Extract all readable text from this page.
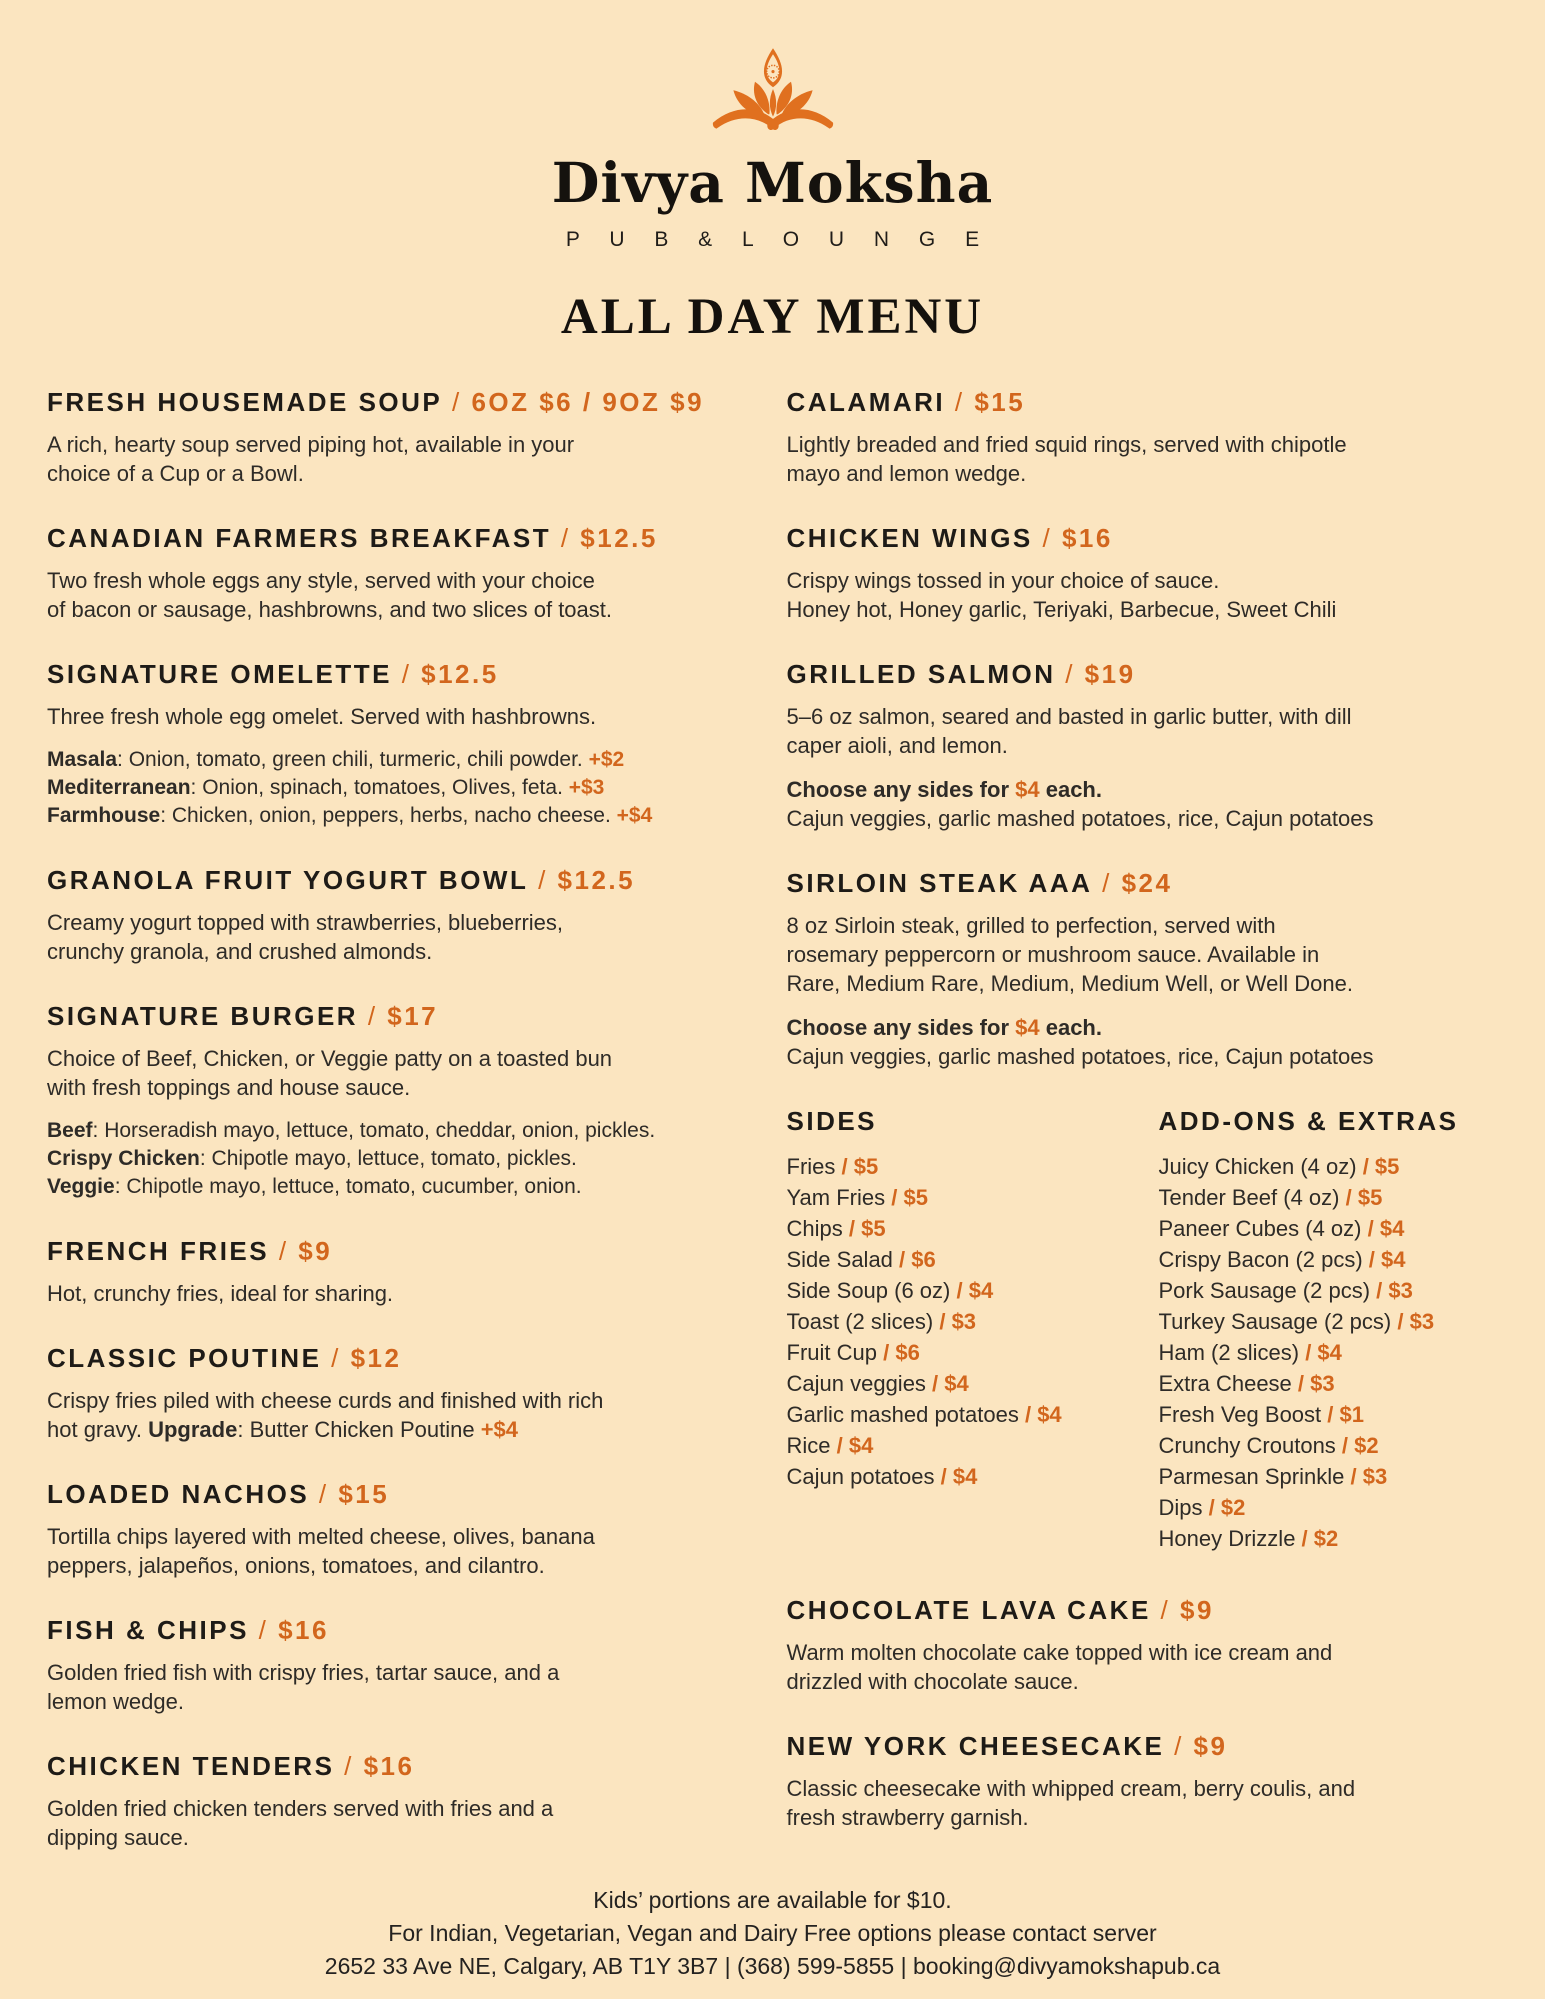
Divya Moksha
P U B & L O U N G E
ALL DAY MENU
FRESH HOUSEMADE SOUP / 6OZ $6 / 9OZ $9

A rich, hearty soup served piping hot, available in your
choice of a Cup or a Bowl.

CANADIAN FARMERS BREAKFAST / $12.5

Two fresh whole eggs any style, served with your choice
of bacon or sausage, hashbrowns, and two slices of toast.

SIGNATURE OMELETTE / $12.5

Three fresh whole egg omelet. Served with hashbrowns.

Masala: Onion, tomato, green chili, turmeric, chili powder. +$2
Mediterranean: Onion, spinach, tomatoes, Olives, feta. +$3
Farmhouse: Chicken, onion, peppers, herbs, nacho cheese. +$4

GRANOLA FRUIT YOGURT BOWL / $12.5

Creamy yogurt topped with strawberries, blueberries,
crunchy granola, and crushed almonds.

SIGNATURE BURGER / $17

Choice of Beef, Chicken, or Veggie patty on a toasted bun
with fresh toppings and house sauce.

Beef: Horseradish mayo, lettuce, tomato, cheddar, onion, pickles.
Crispy Chicken: Chipotle mayo, lettuce, tomato, pickles.
Veggie: Chipotle mayo, lettuce, tomato, cucumber, onion.

FRENCH FRIES / $9

Hot, crunchy fries, ideal for sharing.

CLASSIC POUTINE / $12

Crispy fries piled with cheese curds and finished with rich
hot gravy. Upgrade: Butter Chicken Poutine +$4

LOADED NACHOS / $15

Tortilla chips layered with melted cheese, olives, banana
peppers, jalapeños, onions, tomatoes, and cilantro.

FISH & CHIPS / $16

Golden fried fish with crispy fries, tartar sauce, and a
lemon wedge.

CHICKEN TENDERS / $16

Golden fried chicken tenders served with fries and a
dipping sauce.

CALAMARI / $15

Lightly breaded and fried squid rings, served with chipotle
mayo and lemon wedge.

CHICKEN WINGS / $16

Crispy wings tossed in your choice of sauce.
Honey hot, Honey garlic, Teriyaki, Barbecue, Sweet Chili

GRILLED SALMON / $19

5–6 oz salmon, seared and basted in garlic butter, with dill
caper aioli, and lemon.

Choose any sides for $4 each.
Cajun veggies, garlic mashed potatoes, rice, Cajun potatoes

SIRLOIN STEAK AAA / $24

8 oz Sirloin steak, grilled to perfection, served with
rosemary peppercorn or mushroom sauce. Available in
Rare, Medium Rare, Medium, Medium Well, or Well Done.

Choose any sides for $4 each.
Cajun veggies, garlic mashed potatoes, rice, Cajun potatoes

SIDES
Fries / $5
Yam Fries / $5
Chips / $5
Side Salad / $6
Side Soup (6 oz) / $4
Toast (2 slices) / $3
Fruit Cup / $6
Cajun veggies / $4
Garlic mashed potatoes / $4
Rice / $4
Cajun potatoes / $4
ADD-ONS & EXTRAS
Juicy Chicken (4 oz) / $5
Tender Beef (4 oz) / $5
Paneer Cubes (4 oz) / $4
Crispy Bacon (2 pcs) / $4
Pork Sausage (2 pcs) / $3
Turkey Sausage (2 pcs) / $3
Ham (2 slices) / $4
Extra Cheese / $3
Fresh Veg Boost / $1
Crunchy Croutons / $2
Parmesan Sprinkle / $3
Dips / $2
Honey Drizzle / $2
CHOCOLATE LAVA CAKE / $9

Warm molten chocolate cake topped with ice cream and
drizzled with chocolate sauce.

NEW YORK CHEESECAKE / $9

Classic cheesecake with whipped cream, berry coulis, and
fresh strawberry garnish.

Kids’ portions are available for $10.
For Indian, Vegetarian, Vegan and Dairy Free options please contact server
2652 33 Ave NE, Calgary, AB T1Y 3B7 | (368) 599-5855 | booking@divyamokshapub.ca
